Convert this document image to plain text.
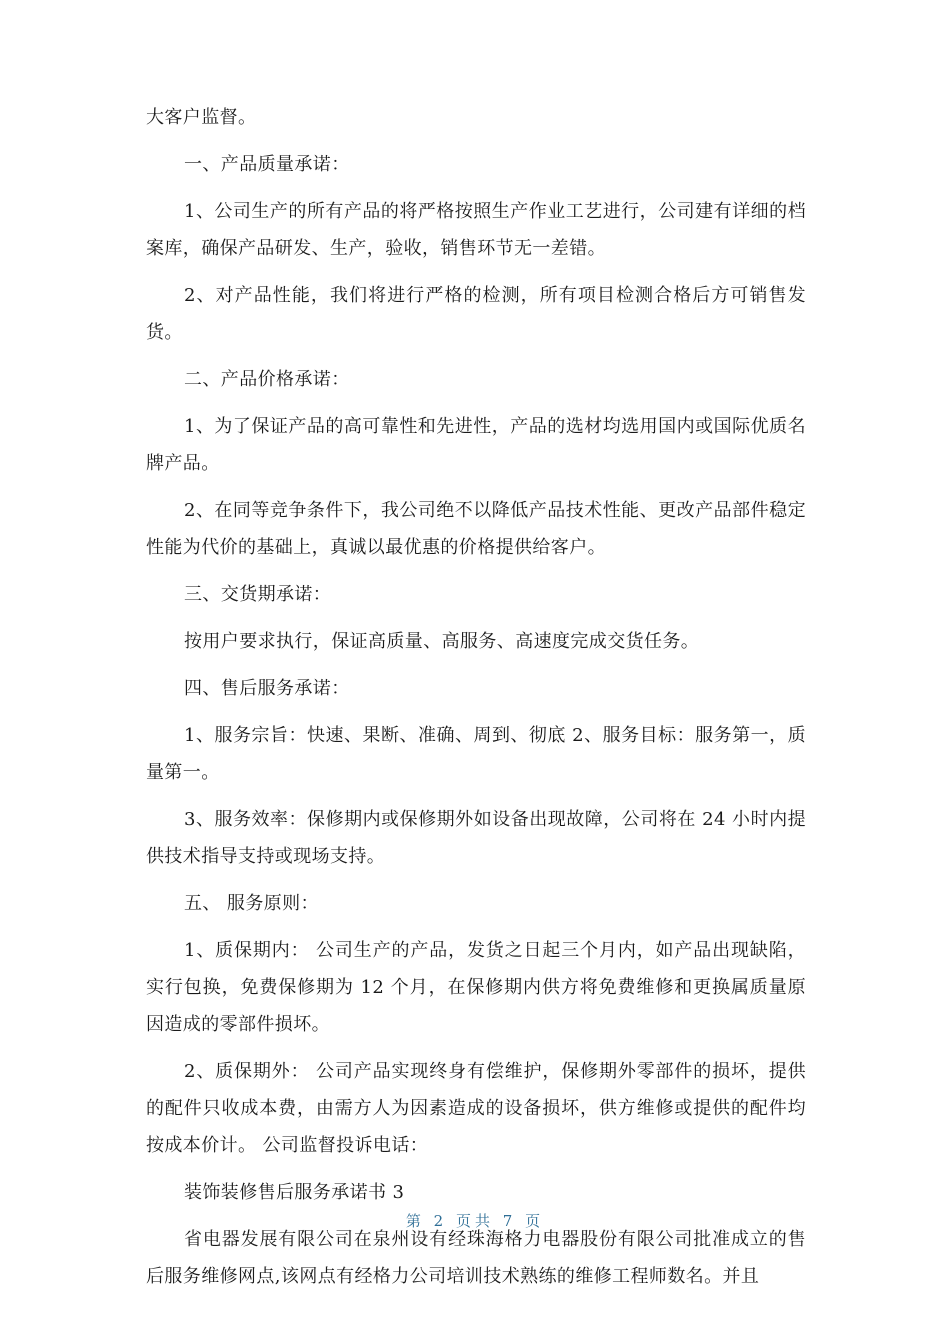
大客户监督。

一、产品质量承诺：

1、公司生产的所有产品的将严格按照生产作业工艺进行，公司建有详细的档案库，确保产品研发、生产，验收，销售环节无一差错。

2、对产品性能，我们将进行严格的检测，所有项目检测合格后方可销售发货。

二、产品价格承诺：

1、为了保证产品的高可靠性和先进性，产品的选材均选用国内或国际优质名牌产品。

2、在同等竞争条件下，我公司绝不以降低产品技术性能、更改产品部件稳定性能为代价的基础上，真诚以最优惠的价格提供给客户。

三、交货期承诺：

按用户要求执行，保证高质量、高服务、高速度完成交货任务。

四、售后服务承诺：

1、服务宗旨：快速、果断、准确、周到、彻底 2、服务目标：服务第一，质量第一。

3、服务效率：保修期内或保修期外如设备出现故障，公司将在 24 小时内提供技术指导支持或现场支持。

五、 服务原则：

1、质保期内： 公司生产的产品，发货之日起三个月内，如产品出现缺陷，实行包换，免费保修期为 12 个月，在保修期内供方将免费维修和更换属质量原因造成的零部件损坏。

2、质保期外： 公司产品实现终身有偿维护，保修期外零部件的损坏，提供的配件只收成本费，由需方人为因素造成的设备损坏，供方维修或提供的配件均按成本价计。 公司监督投诉电话：

装饰装修售后服务承诺书 3

省电器发展有限公司在泉州设有经珠海格力电器股份有限公司批准成立的售后服务维修网点,该网点有经格力公司培训技术熟练的维修工程师数名。并且

第 2 页共 7 页
